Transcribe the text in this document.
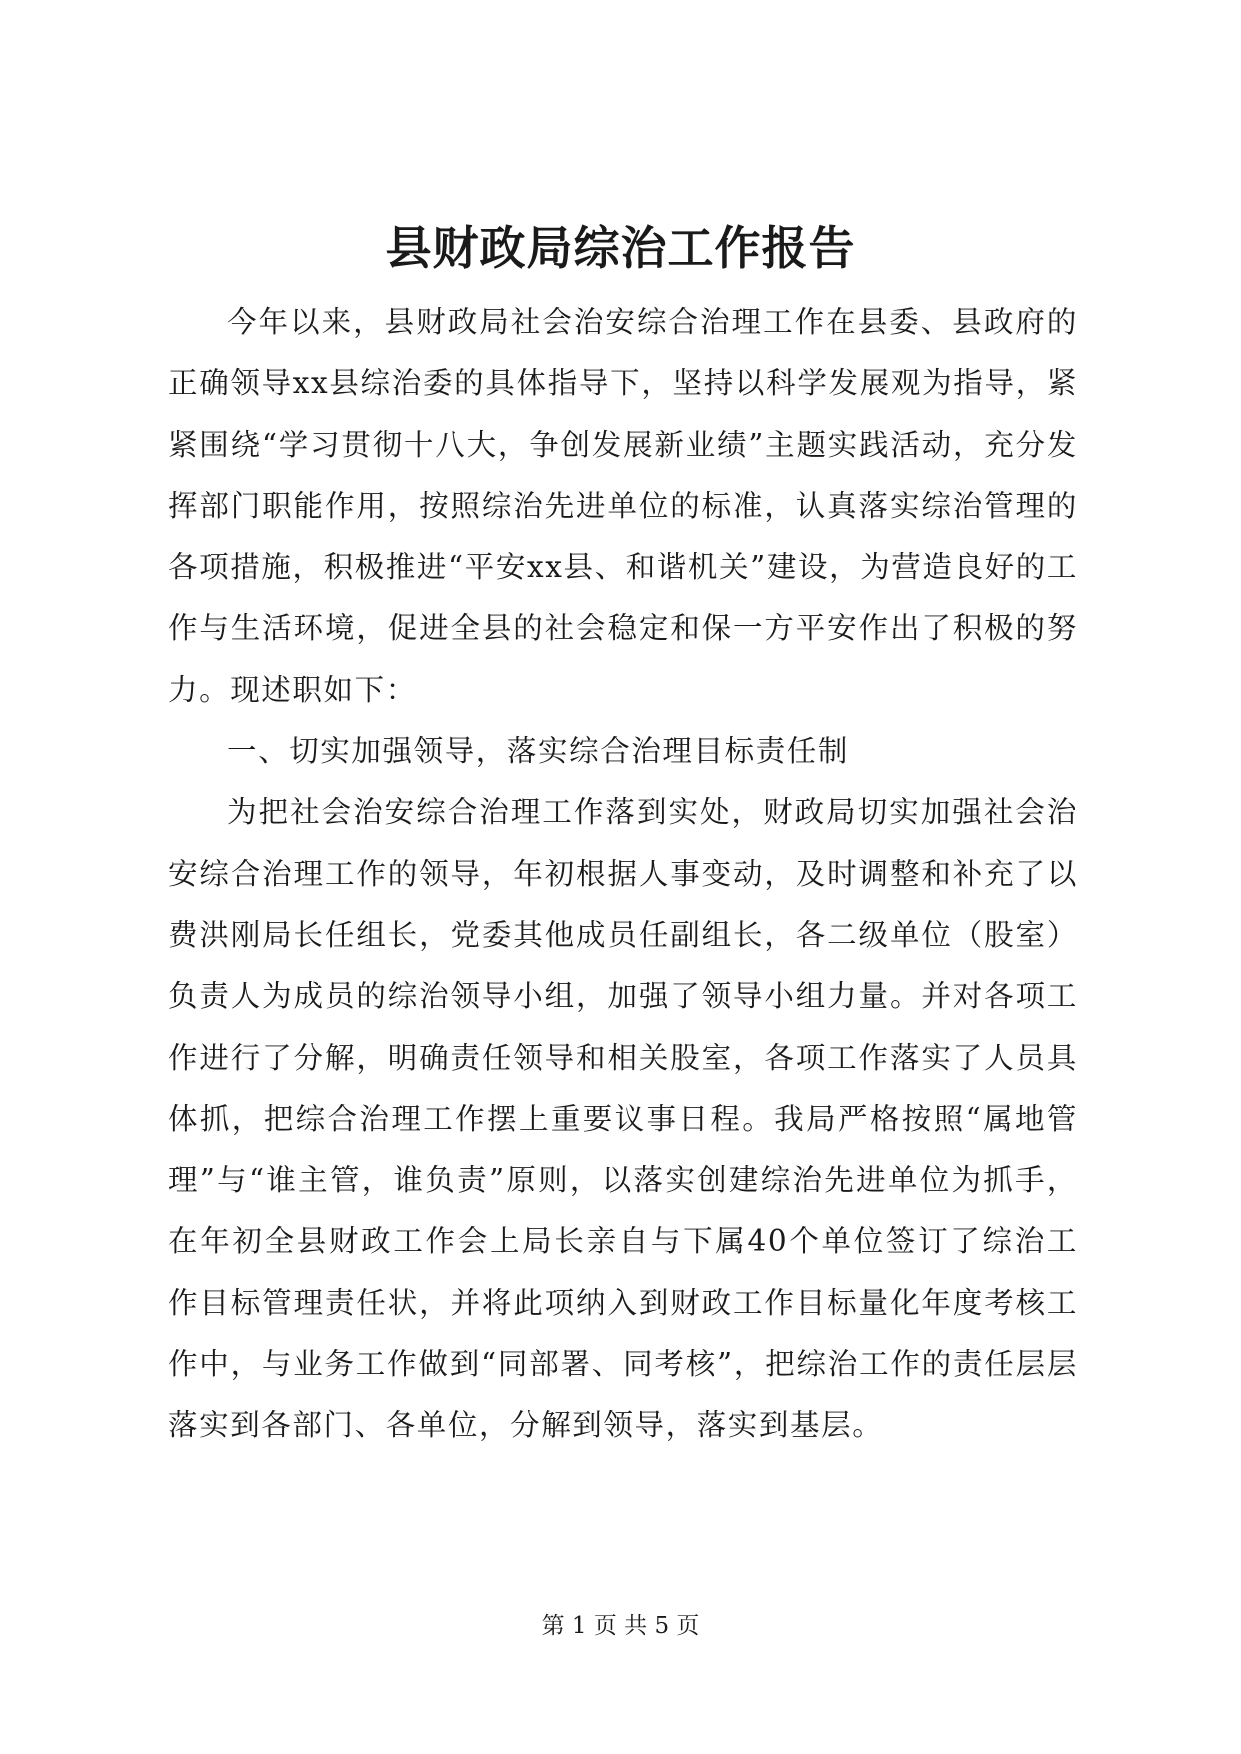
县财政局综治工作报告

今年以来，县财政局社会治安综合治理工作在县委、县政府的正确领导xx县综治委的具体指导下，坚持以科学发展观为指导，紧紧围绕“学习贯彻十八大，争创发展新业绩”主题实践活动，充分发挥部门职能作用，按照综治先进单位的标准，认真落实综治管理的各项措施，积极推进“平安xx县、和谐机关”建设，为营造良好的工作与生活环境，促进全县的社会稳定和保一方平安作出了积极的努力。现述职如下：

一、切实加强领导，落实综合治理目标责任制

为把社会治安综合治理工作落到实处，财政局切实加强社会治安综合治理工作的领导，年初根据人事变动，及时调整和补充了以费洪刚局长任组长，党委其他成员任副组长，各二级单位（股室）负责人为成员的综治领导小组，加强了领导小组力量。并对各项工作进行了分解，明确责任领导和相关股室，各项工作落实了人员具体抓，把综合治理工作摆上重要议事日程。我局严格按照“属地管理”与“谁主管，谁负责”原则，以落实创建综治先进单位为抓手，在年初全县财政工作会上局长亲自与下属40个单位签订了综治工作目标管理责任状，并将此项纳入到财政工作目标量化年度考核工作中，与业务工作做到“同部署、同考核”，把综治工作的责任层层落实到各部门、各单位，分解到领导，落实到基层。

第 1 页 共 5 页
